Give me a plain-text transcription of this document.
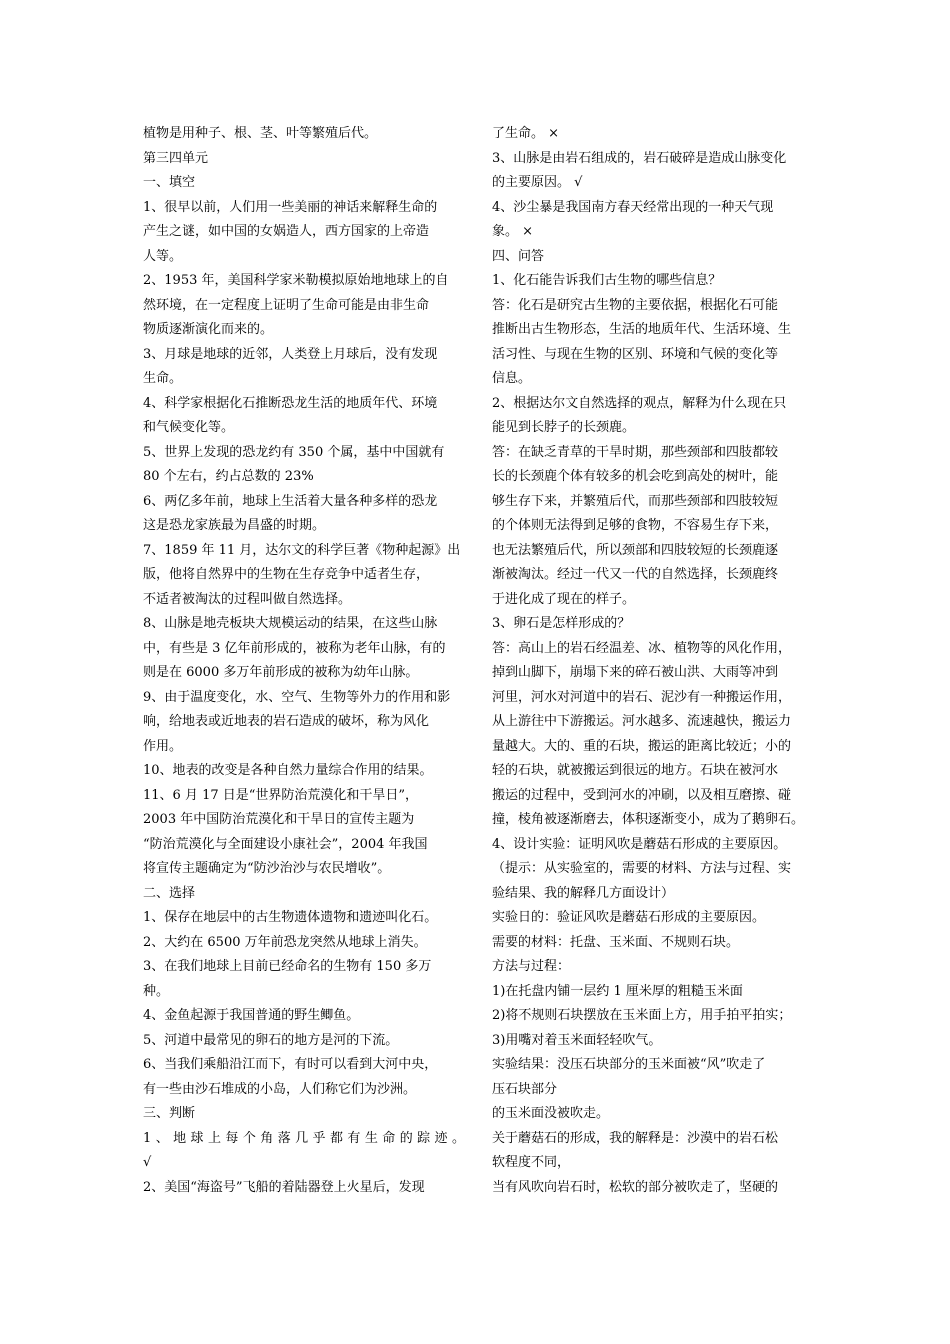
植物是用种子、根、茎、叶等繁殖后代。
第三四单元
一、填空
1、很早以前，人们用一些美丽的神话来解释生命的
产生之谜，如中国的女娲造人，西方国家的上帝造
人等。
2、1953 年，美国科学家米勒模拟原始地地球上的自
然环境，在一定程度上证明了生命可能是由非生命
物质逐渐演化而来的。
3、月球是地球的近邻，人类登上月球后，没有发现
生命。
4、科学家根据化石推断恐龙生活的地质年代、环境
和气候变化等。
5、世界上发现的恐龙约有 350 个属，基中中国就有
80 个左右，约占总数的 23%
6、两亿多年前，地球上生活着大量各种多样的恐龙
这是恐龙家族最为昌盛的时期。
7、1859 年 11 月，达尔文的科学巨著《物种起源》出
版，他将自然界中的生物在生存竞争中适者生存，
不适者被淘汰的过程叫做自然选择。
8、山脉是地壳板块大规模运动的结果，在这些山脉
中，有些是 3 亿年前形成的，被称为老年山脉，有的
则是在 6000 多万年前形成的被称为幼年山脉。
9、由于温度变化，水、空气、生物等外力的作用和影
响，给地表或近地表的岩石造成的破坏，称为风化
作用。
10、地表的改变是各种自然力量综合作用的结果。
11、6 月 17 日是“世界防治荒漠化和干旱日”，
2003 年中国防治荒漠化和干旱日的宣传主题为
“防治荒漠化与全面建设小康社会”，2004 年我国
将宣传主题确定为“防沙治沙与农民增收”。
二、选择
1、保存在地层中的古生物遗体遗物和遗迹叫化石。
2、大约在 6500 万年前恐龙突然从地球上消失。
3、在我们地球上目前已经命名的生物有 150 多万
种。
4、金鱼起源于我国普通的野生鲫鱼。
5、河道中最常见的卵石的地方是河的下流。
6、当我们乘船沿江而下，有时可以看到大河中央，
有一些由沙石堆成的小岛，人们称它们为沙洲。
三、判断
1、地球上每个角落几乎都有生命的踪迹。
√
2、美国“海盗号”飞船的着陆器登上火星后，发现
了生命。 ×
3、山脉是由岩石组成的，岩石破碎是造成山脉变化
的主要原因。 √
4、沙尘暴是我国南方春天经常出现的一种天气现
象。 ×
四、问答
1、化石能告诉我们古生物的哪些信息？
答：化石是研究古生物的主要依据，根据化石可能
推断出古生物形态，生活的地质年代、生活环境、生
活习性、与现在生物的区别、环境和气候的变化等
信息。
2、根据达尔文自然选择的观点，解释为什么现在只
能见到长脖子的长颈鹿。
答：在缺乏青草的干旱时期，那些颈部和四肢都较
长的长颈鹿个体有较多的机会吃到高处的树叶，能
够生存下来，并繁殖后代，而那些颈部和四肢较短
的个体则无法得到足够的食物，不容易生存下来，
也无法繁殖后代，所以颈部和四肢较短的长颈鹿逐
渐被淘汰。经过一代又一代的自然选择，长颈鹿终
于进化成了现在的样子。
3、卵石是怎样形成的？
答：高山上的岩石经温差、冰、植物等的风化作用，
掉到山脚下，崩塌下来的碎石被山洪、大雨等冲到
河里，河水对河道中的岩石、泥沙有一种搬运作用，
从上游往中下游搬运。河水越多、流速越快，搬运力
量越大。大的、重的石块，搬运的距离比较近；小的
轻的石块，就被搬运到很远的地方。石块在被河水
搬运的过程中，受到河水的冲刷，以及相互磨擦、碰
撞，棱角被逐渐磨去，体积逐渐变小，成为了鹅卵石。
4、设计实验：证明风吹是蘑菇石形成的主要原因。
（提示：从实验室的，需要的材料、方法与过程、实
验结果、我的解释几方面设计）
实验日的：验证风吹是蘑菇石形成的主要原因。
需要的材料：托盘、玉米面、不规则石块。
方法与过程：
1)在托盘内铺一层约 1 厘米厚的粗糙玉米面
2)将不规则石块摆放在玉米面上方，用手拍平拍实；
3)用嘴对着玉米面轻轻吹气。
实验结果：没压石块部分的玉米面被“风”吹走了
压石块部分
的玉米面没被吹走。
关于蘑菇石的形成，我的解释是：沙漠中的岩石松
软程度不同，
当有风吹向岩石时，松软的部分被吹走了，坚硬的
